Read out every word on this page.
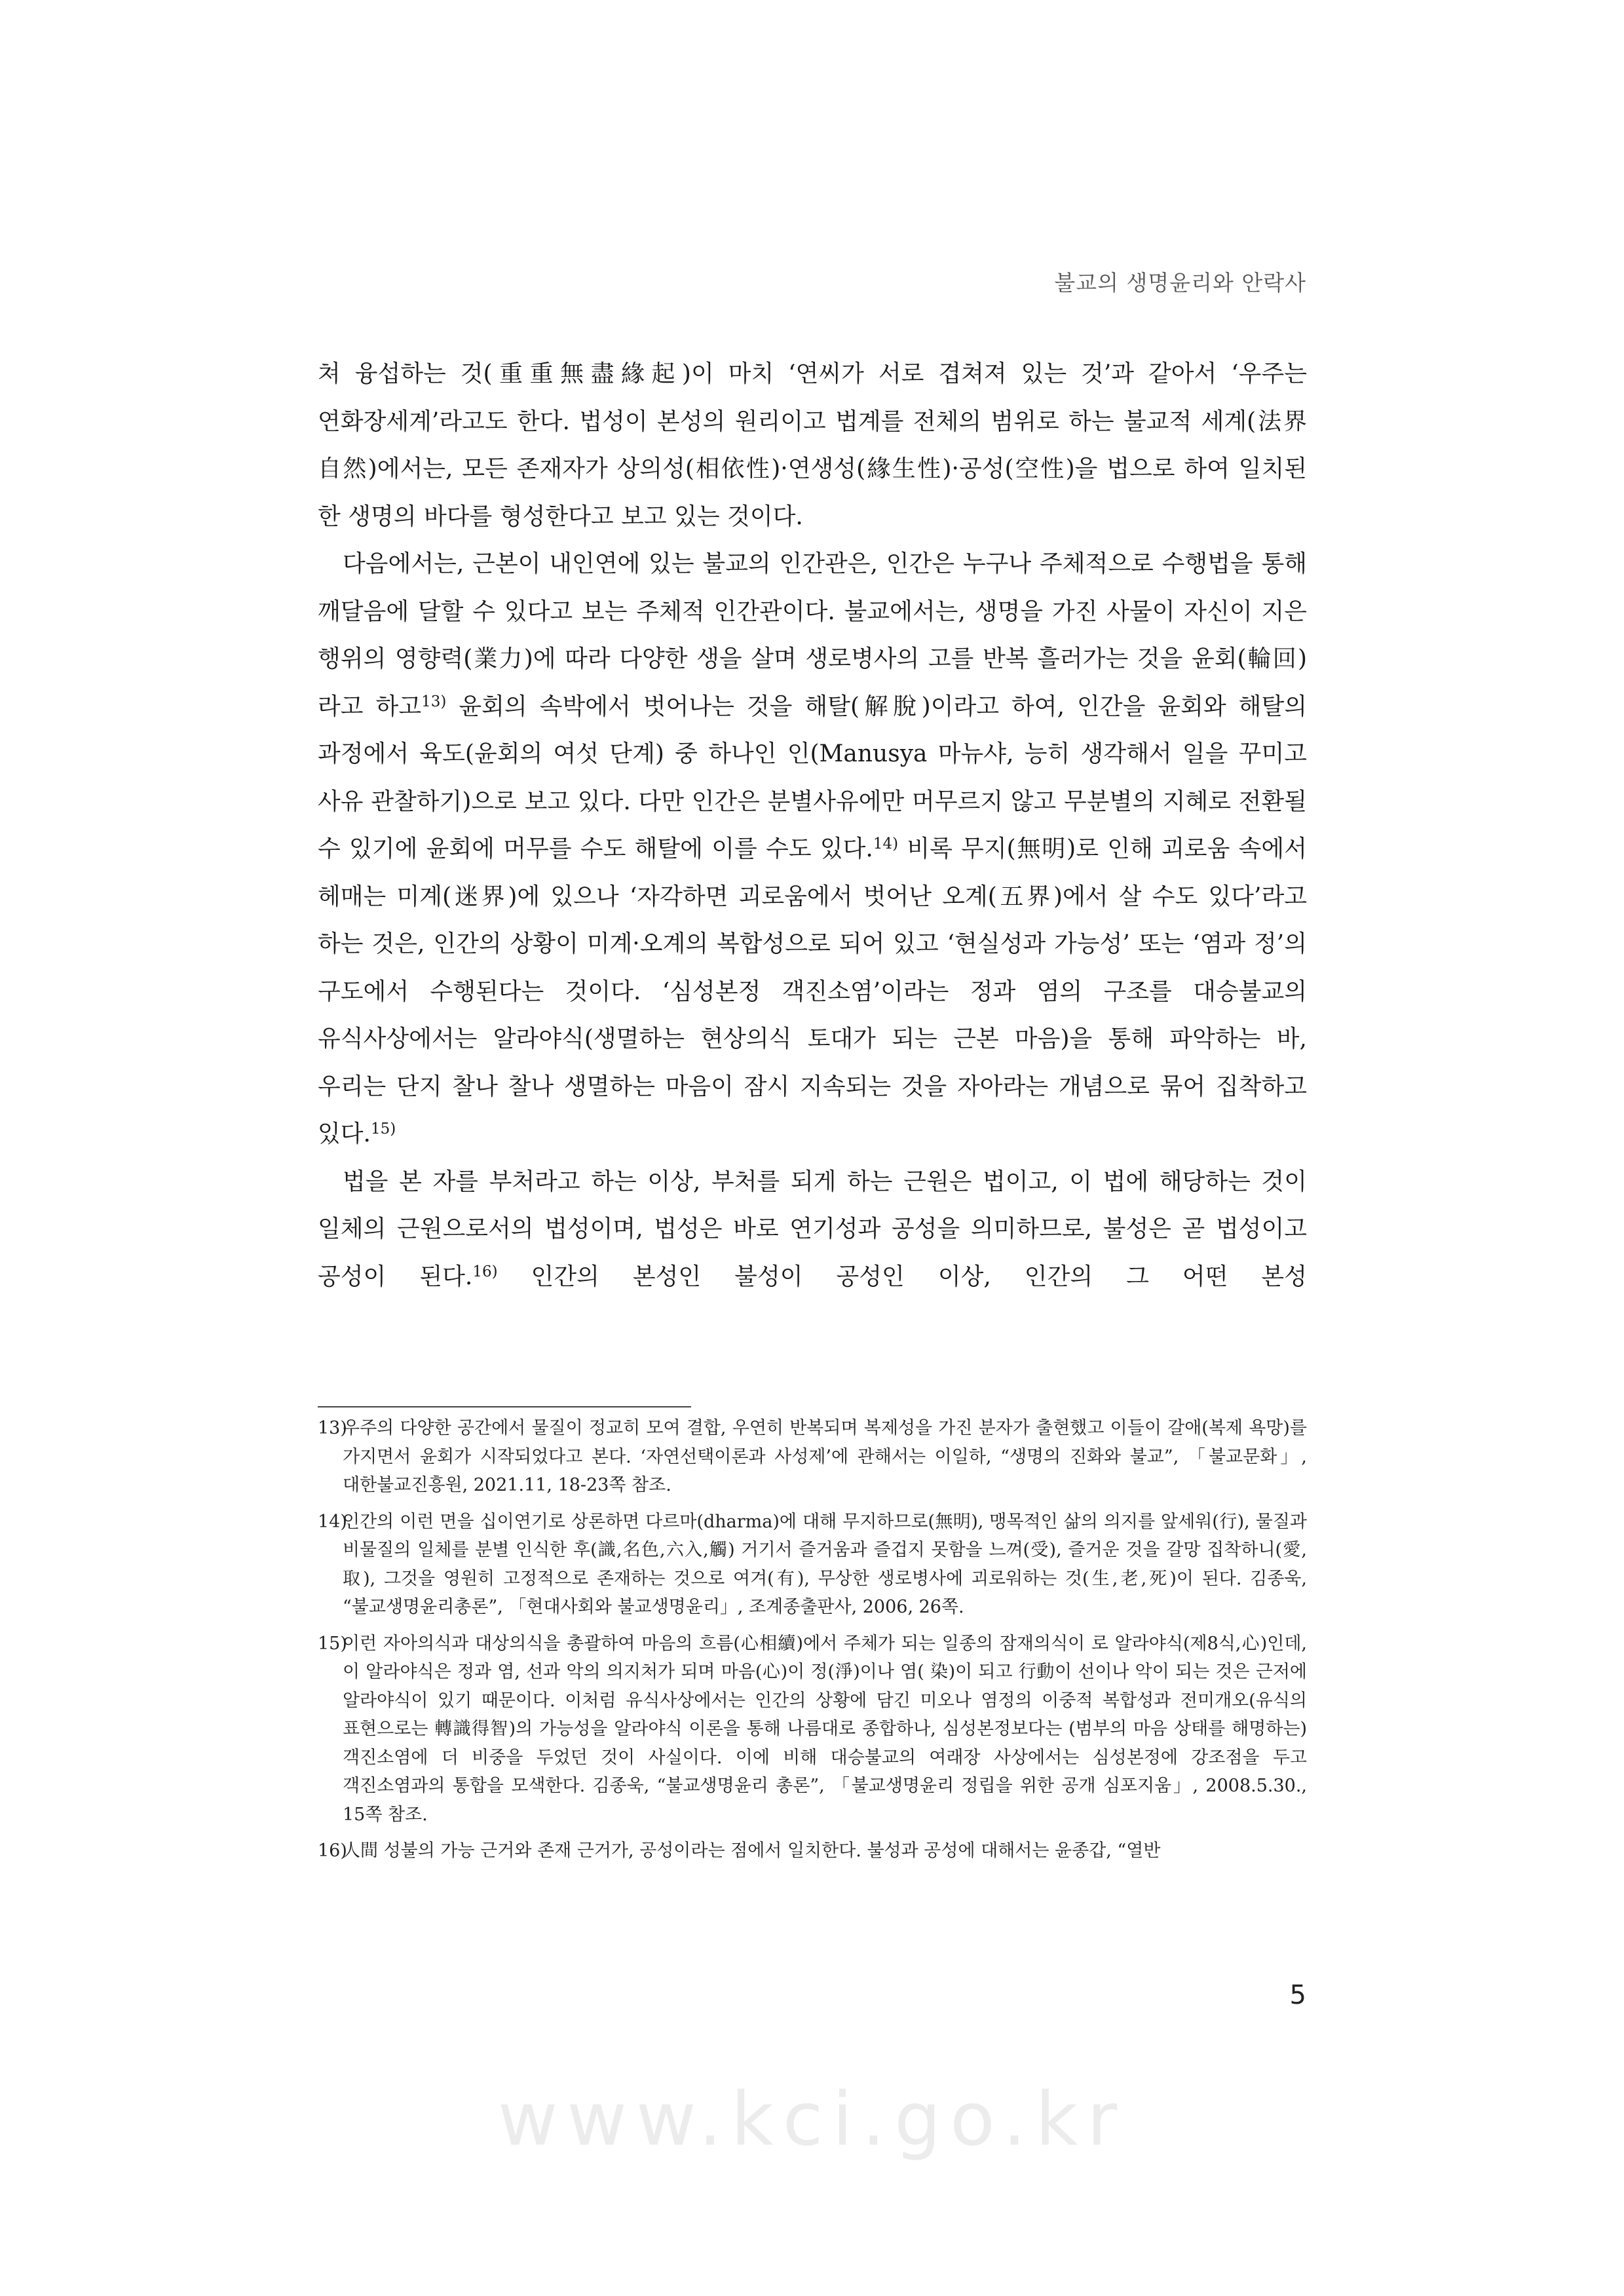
불교의 생명윤리와 안락사

쳐 융섭하는 것(重重無盡緣起)이 마치 ‘연씨가 서로 겹쳐져 있는 것’과 같아서 ‘우주는 연화장세계’라고도 한다. 법성이 본성의 원리이고 법계를 전체의 범위로 하는 불교적 세계(法界 自然)에서는, 모든 존재자가 상의성(相依性)·연생성(緣生性)·공성(空性)을 법으로 하여 일치된 한 생명의 바다를 형성한다고 보고 있는 것이다.

다음에서는, 근본이 내인연에 있는 불교의 인간관은, 인간은 누구나 주체적으로 수행법을 통해 깨달음에 달할 수 있다고 보는 주체적 인간관이다. 불교에서는, 생명을 가진 사물이 자신이 지은 행위의 영향력(業力)에 따라 다양한 생을 살며 생로병사의 고를 반복 흘러가는 것을 윤회(輪回)라고 하고$^{13)}$ 윤회의 속박에서 벗어나는 것을 해탈(解脫)이라고 하여, 인간을 윤회와 해탈의 과정에서 육도(윤회의 여섯 단계) 중 하나인 인(Manusya 마뉴샤, 능히 생각해서 일을 꾸미고 사유 관찰하기)으로 보고 있다. 다만 인간은 분별사유에만 머무르지 않고 무분별의 지혜로 전환될 수 있기에 윤회에 머무를 수도 해탈에 이를 수도 있다.$^{14)}$ 비록 무지(無明)로 인해 괴로움 속에서 헤매는 미계(迷界)에 있으나 ‘자각하면 괴로움에서 벗어난 오계(五界)에서 살 수도 있다’라고 하는 것은, 인간의 상황이 미계·오계의 복합성으로 되어 있고 ‘현실성과 가능성’ 또는 ‘염과 정’의 구도에서 수행된다는 것이다. ‘심성본정 객진소염’이라는 정과 염의 구조를 대승불교의 유식사상에서는 알라야식(생멸하는 현상의식 토대가 되는 근본 마음)을 통해 파악하는 바, 우리는 단지 찰나 찰나 생멸하는 마음이 잠시 지속되는 것을 자아라는 개념으로 묶어 집착하고 있다.$^{15)}$

법을 본 자를 부처라고 하는 이상, 부처를 되게 하는 근원은 법이고, 이 법에 해당하는 것이 일체의 근원으로서의 법성이며, 법성은 바로 연기성과 공성을 의미하므로, 불성은 곧 법성이고 공성이 된다.$^{16)}$ 인간의 본성인 불성이 공성인 이상, 인간의 그 어떤 본성

13)
우주의 다양한 공간에서 물질이 정교히 모여 결합, 우연히 반복되며 복제성을 가진 분자가 출현했고 이들이 갈애(복제 욕망)를 가지면서 윤회가 시작되었다고 본다. ‘자연선택이론과 사성제’에 관해서는 이일하, “생명의 진화와 불교”, 「불교문화」, 대한불교진흥원, 2021.11, 18-23쪽 참조.
14)
인간의 이런 면을 십이연기로 상론하면 다르마(dharma)에 대해 무지하므로(無明), 맹목적인 삶의 의지를 앞세워(行), 물질과 비물질의 일체를 분별 인식한 후(識,名色,六入,觸) 거기서 즐거움과 즐겁지 못함을 느껴(受), 즐거운 것을 갈망 집착하니(愛,取), 그것을 영원히 고정적으로 존재하는 것으로 여겨(有), 무상한 생로병사에 괴로워하는 것(生,老,死)이 된다. 김종욱, “불교생명윤리총론”, 「현대사회와 불교생명윤리」, 조계종출판사, 2006, 26쪽.
15)
이런 자아의식과 대상의식을 총괄하여 마음의 흐름(心相續)에서 주체가 되는 일종의 잠재의식이 로 알라야식(제8식,心)인데, 이 알라야식은 정과 염, 선과 악의 의지처가 되며 마음(心)이 정(淨)이나 염( 染)이 되고 行動이 선이나 악이 되는 것은 근저에 알라야식이 있기 때문이다. 이처럼 유식사상에서는 인간의 상황에 담긴 미오나 염정의 이중적 복합성과 전미개오(유식의 표현으로는 轉識得智)의 가능성을 알라야식 이론을 통해 나름대로 종합하나, 심성본정보다는 (범부의 마음 상태를 해명하는) 객진소염에 더 비중을 두었던 것이 사실이다. 이에 비해 대승불교의 여래장 사상에서는 심성본정에 강조점을 두고 객진소염과의 통합을 모색한다. 김종욱, “불교생명윤리 총론”, 「불교생명윤리 정립을 위한 공개 심포지움」, 2008.5.30., 15쪽 참조.
16)
人間 성불의 가능 근거와 존재 근거가, 공성이라는 점에서 일치한다. 불성과 공성에 대해서는 윤종갑, “열반
5
www.kci.go.kr
